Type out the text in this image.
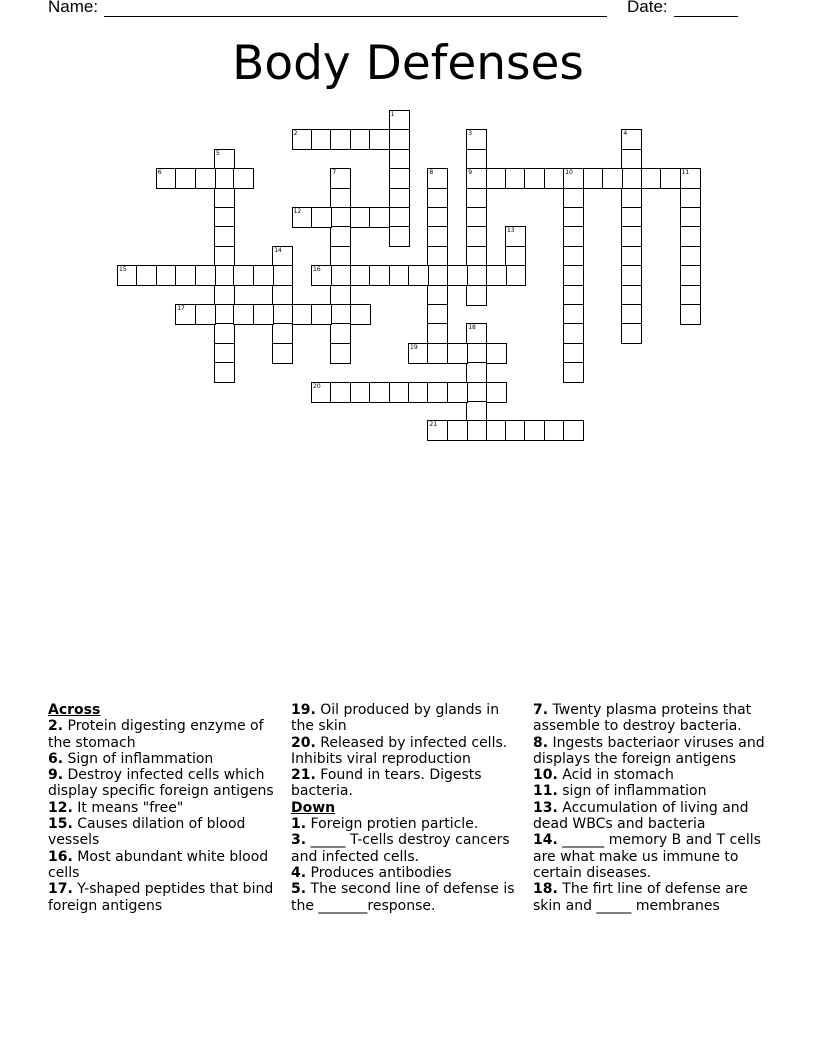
Name:	Date:
Body Defenses
1
2	3
9
4
5
6	7	8	10	11
12
13
14
15	16
17
18
19
20
21
Across
2. Protein digesting enzyme of the stomach
6. Sign of inflammation
9. Destroy infected cells which display specific foreign antigens
12. It means "free"
15. Causes dilation of blood vessels
16. Most abundant white blood cells
17. Y-shaped peptides that bind foreign antigens
19. Oil produced by glands in the skin
20. Released by infected cells. Inhibits viral reproduction
21. Found in tears. Digests bacteria.
Down
1. Foreign protien particle.
3. _____ T-cells destroy cancers and infected cells.
4. Produces antibodies
5. The second line of defense is the _______response.
7. Twenty plasma proteins that assemble to destroy bacteria.
8. Ingests bacteriaor viruses and displays the foreign antigens
10. Acid in stomach
11. sign of inflammation
13. Accumulation of living and dead WBCs and bacteria
14. ______ memory B and T cells are what make us immune to certain diseases.
18. The firt line of defense are skin and _____ membranes
